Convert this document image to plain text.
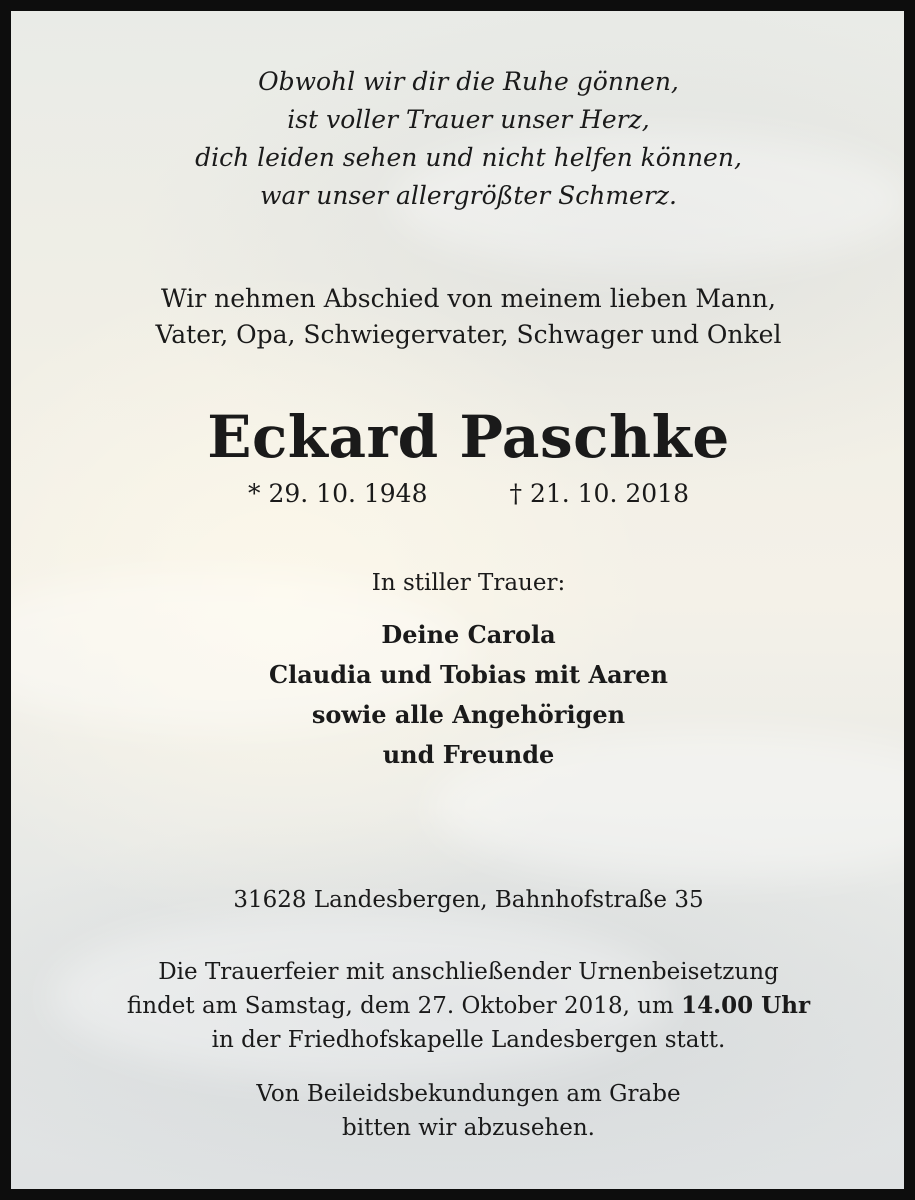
Obwohl wir dir die Ruhe gönnen,
ist voller Trauer unser Herz,
dich leiden sehen und nicht helfen können,
war unser allergrößter Schmerz.

Wir nehmen Abschied von meinem lieben Mann,
Vater, Opa, Schwiegervater, Schwager und Onkel

Eckard Paschke

* 29. 10. 1948	† 21. 10. 2018

In stiller Trauer:

Deine Carola
Claudia und Tobias mit Aaren
sowie alle Angehörigen
und Freunde

31628 Landesbergen, Bahnhofstraße 35

Die Trauerfeier mit anschließender Urnenbeisetzung
findet am Samstag, dem 27. Oktober 2018, um 14.00 Uhr
in der Friedhofskapelle Landesbergen statt.

Von Beileidsbekundungen am Grabe
bitten wir abzusehen.
